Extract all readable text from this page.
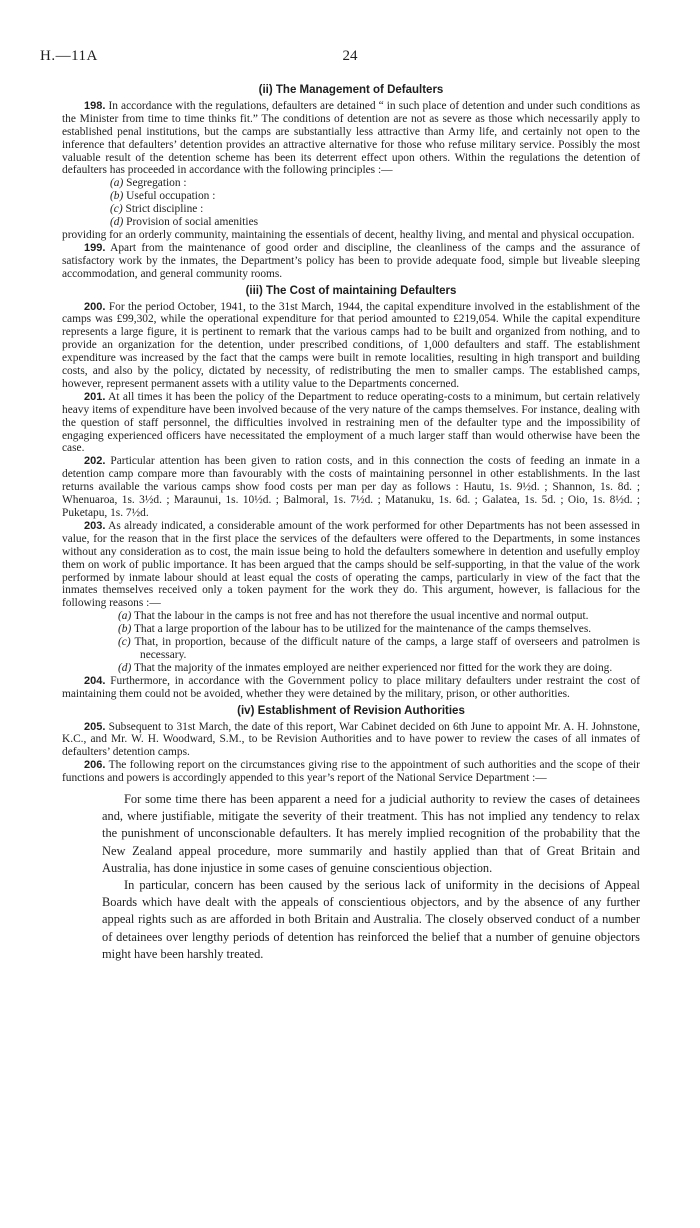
H.—11A	24
(ii) The Management of Defaulters

198. In accordance with the regulations, defaulters are detained “ in such place of detention and under such conditions as the Minister from time to time thinks fit.” The conditions of detention are not as severe as those which necessarily apply to established penal institutions, but the camps are substantially less attractive than Army life, and certainly not open to the inference that defaulters’ detention provides an attractive alternative for those who refuse military service. Possibly the most valuable result of the detention scheme has been its deterrent effect upon others. Within the regulations the detention of defaulters has proceeded in accordance with the following principles :—

(a) Segregation :
(b) Useful occupation :
(c) Strict discipline :
(d) Provision of social amenities

providing for an orderly community, maintaining the essentials of decent, healthy living, and mental and physical occupation.

199. Apart from the maintenance of good order and discipline, the cleanliness of the camps and the assurance of satisfactory work by the inmates, the Department’s policy has been to provide adequate food, simple but liveable sleeping accommodation, and general community rooms.

(iii) The Cost of maintaining Defaulters

200. For the period October, 1941, to the 31st March, 1944, the capital expenditure involved in the establishment of the camps was £99,302, while the operational expenditure for that period amounted to £219,054. While the capital expenditure represents a large figure, it is pertinent to remark that the various camps had to be built and organized from nothing, and to provide an organization for the detention, under prescribed conditions, of 1,000 defaulters and staff. The establishment expenditure was increased by the fact that the camps were built in remote localities, resulting in high transport and building costs, and also by the policy, dictated by necessity, of redistributing the men to smaller camps. The established camps, however, represent permanent assets with a utility value to the Departments concerned.

201. At all times it has been the policy of the Department to reduce operating-costs to a minimum, but certain relatively heavy items of expenditure have been involved because of the very nature of the camps themselves. For instance, dealing with the question of staff personnel, the difficulties involved in restraining men of the defaulter type and the impossibility of engaging experienced officers have necessitated the employment of a much larger staff than would otherwise have been the case.

202. Particular attention has been given to ration costs, and in this connection the costs of feeding an inmate in a detention camp compare more than favourably with the costs of maintaining personnel in other establishments. In the last returns available the various camps show food costs per man per day as follows : Hautu, 1s. 9½d. ; Shannon, 1s. 8d. ; Whenuaroa, 1s. 3½d. ; Maraunui, 1s. 10½d. ; Balmoral, 1s. 7½d. ; Matanuku, 1s. 6d. ; Galatea, 1s. 5d. ; Oio, 1s. 8½d. ; Puketapu, 1s. 7½d.

203. As already indicated, a considerable amount of the work performed for other Departments has not been assessed in value, for the reason that in the first place the services of the defaulters were offered to the Departments, in some instances without any consideration as to cost, the main issue being to hold the defaulters somewhere in detention and usefully employ them on work of public importance. It has been argued that the camps should be self-supporting, in that the value of the work performed by inmate labour should at least equal the costs of operating the camps, particularly in view of the fact that the inmates themselves received only a token payment for the work they do. This argument, however, is fallacious for the following reasons :—

(a) That the labour in the camps is not free and has not therefore the usual incentive and normal output.
(b) That a large proportion of the labour has to be utilized for the maintenance of the camps themselves.
(c) That, in proportion, because of the difficult nature of the camps, a large staff of overseers and patrolmen is necessary.
(d) That the majority of the inmates employed are neither experienced nor fitted for the work they are doing.

204. Furthermore, in accordance with the Government policy to place military defaulters under restraint the cost of maintaining them could not be avoided, whether they were detained by the military, prison, or other authorities.

(iv) Establishment of Revision Authorities

205. Subsequent to 31st March, the date of this report, War Cabinet decided on 6th June to appoint Mr. A. H. Johnstone, K.C., and Mr. W. H. Woodward, S.M., to be Revision Authorities and to have power to review the cases of all inmates of defaulters’ detention camps.

206. The following report on the circumstances giving rise to the appointment of such authorities and the scope of their functions and powers is accordingly appended to this year’s report of the National Service Department :—

For some time there has been apparent a need for a judicial authority to review the cases of detainees and, where justifiable, mitigate the severity of their treatment. This has not implied any tendency to relax the punishment of unconscionable defaulters. It has merely implied recognition of the probability that the New Zealand appeal procedure, more summarily and hastily applied than that of Great Britain and Australia, has done injustice in some cases of genuine conscientious objection.

In particular, concern has been caused by the serious lack of uniformity in the decisions of Appeal Boards which have dealt with the appeals of conscientious objectors, and by the absence of any further appeal rights such as are afforded in both Britain and Australia. The closely observed conduct of a number of detainees over lengthy periods of detention has reinforced the belief that a number of genuine objectors might have been harshly treated.
